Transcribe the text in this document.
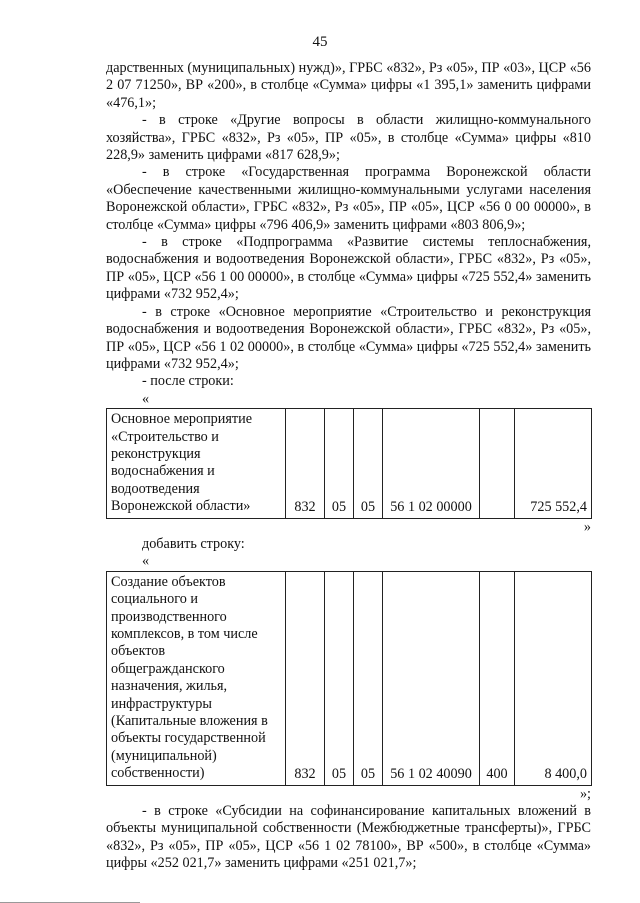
45

дарственных (муниципальных) нужд)», ГРБС «832», Рз «05», ПР «03», ЦСР «56 2 07 71250», ВР «200», в столбце «Сумма» цифры «1 395,1» заменить цифрами «476,1»;

- в строке «Другие вопросы в области жилищно-коммунального хозяйства», ГРБС «832», Рз «05», ПР «05», в столбце «Сумма» цифры «810 228,9» заменить цифрами «817 628,9»;

- в строке «Государственная программа Воронежской области «Обеспечение качественными жилищно-коммунальными услугами населения Воронежской области», ГРБС «832», Рз «05», ПР «05», ЦСР «56 0 00 00000», в столбце «Сумма» цифры «796 406,9» заменить цифрами «803 806,9»;

- в строке «Подпрограмма «Развитие системы теплоснабжения, водоснабжения и водоотведения Воронежской области», ГРБС «832», Рз «05», ПР «05», ЦСР «56 1 00 00000», в столбце «Сумма» цифры «725 552,4» заменить цифрами «732 952,4»;

- в строке «Основное мероприятие «Строительство и реконструкция водоснабжения и водоотведения Воронежской области», ГРБС «832», Рз «05», ПР «05», ЦСР «56 1 02 00000», в столбце «Сумма» цифры «725 552,4» заменить цифрами «732 952,4»;

- после строки:

«

Основное мероприятие «Строительство и реконструкция водоснабжения и водоотведения Воронежской области»	832	05	05	56 1 02 00000		725 552,4

»

добавить строку:

«

Создание объектов социального и производственного комплексов, в том числе объектов общегражданского назначения, жилья, инфраструктуры (Капитальные вложения в объекты государственной (муниципальной) собственности)	832	05	05	56 1 02 40090	400	8 400,0

»;

- в строке «Субсидии на софинансирование капитальных вложений в объекты муниципальной собственности (Межбюджетные трансферты)», ГРБС «832», Рз «05», ПР «05», ЦСР «56 1 02 78100», ВР «500», в столбце «Сумма» цифры «252 021,7» заменить цифрами «251 021,7»;
